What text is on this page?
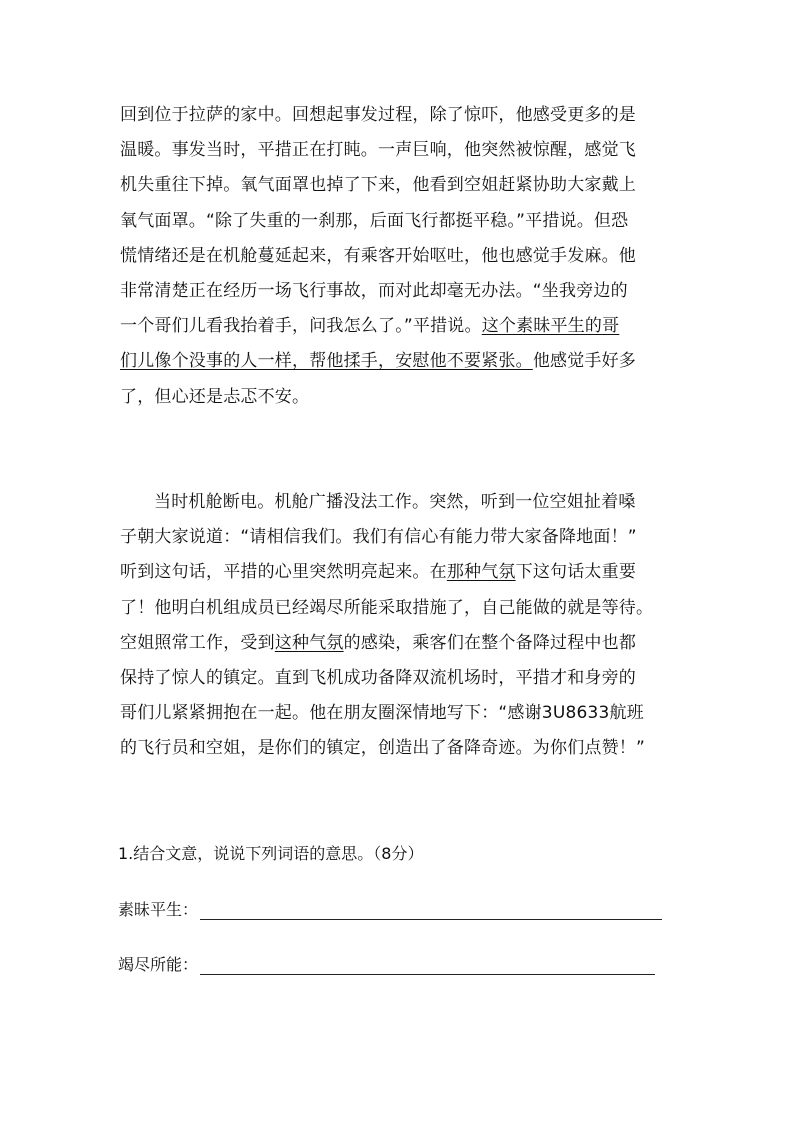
回到位于拉萨的家中。回想起事发过程，除了惊吓，他感受更多的是
温暖。事发当时，平措正在打盹。一声巨响，他突然被惊醒，感觉飞
机失重往下掉。氧气面罩也掉了下来，他看到空姐赶紧协助大家戴上
氧气面罩。“除了失重的一刹那，后面飞行都挺平稳。”平措说。但恐
慌情绪还是在机舱蔓延起来，有乘客开始呕吐，他也感觉手发麻。他
非常清楚正在经历一场飞行事故，而对此却毫无办法。“坐我旁边的
一个哥们儿看我抬着手，问我怎么了。”平措说。这个素昧平生的哥
们儿像个没事的人一样，帮他揉手，安慰他不要紧张。他感觉手好多
了，但心还是忐忑不安。
当时机舱断电。机舱广播没法工作。突然，听到一位空姐扯着嗓
子朝大家说道：“请相信我们。我们有信心有能力带大家备降地面！”
听到这句话，平措的心里突然明亮起来。在那种气氛下这句话太重要
了！他明白机组成员已经竭尽所能采取措施了，自己能做的就是等待。
空姐照常工作，受到这种气氛的感染，乘客们在整个备降过程中也都
保持了惊人的镇定。直到飞机成功备降双流机场时，平措才和身旁的
哥们儿紧紧拥抱在一起。他在朋友圈深情地写下：“感谢3U8633航班
的飞行员和空姐，是你们的镇定，创造出了备降奇迹。为你们点赞！”
1.结合文意，说说下列词语的意思。（8分）
素昧平生：
竭尽所能：
